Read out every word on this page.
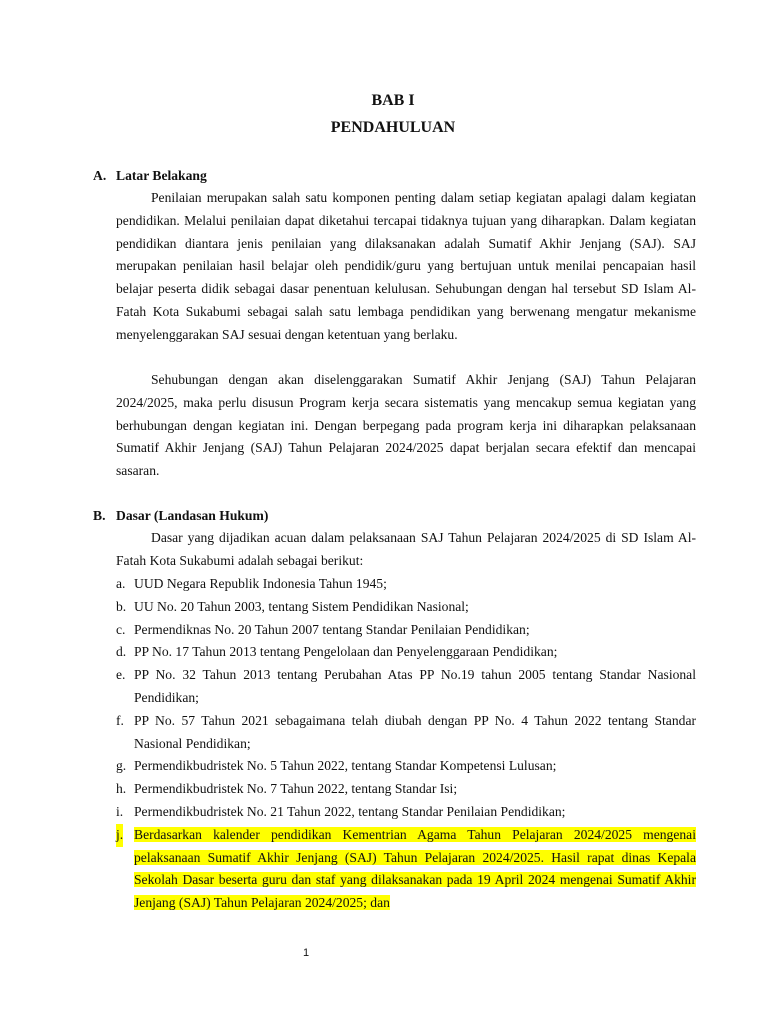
BAB I
PENDAHULUAN
A. Latar Belakang

Penilaian merupakan salah satu komponen penting dalam setiap kegiatan apalagi dalam kegiatan pendidikan. Melalui penilaian dapat diketahui tercapai tidaknya tujuan yang diharapkan. Dalam kegiatan pendidikan diantara jenis penilaian yang dilaksanakan adalah Sumatif Akhir Jenjang (SAJ). SAJ merupakan penilaian hasil belajar oleh pendidik/guru yang bertujuan untuk menilai pencapaian hasil belajar peserta didik sebagai dasar penentuan kelulusan. Sehubungan dengan hal tersebut SD Islam Al-Fatah Kota Sukabumi sebagai salah satu lembaga pendidikan yang berwenang mengatur mekanisme menyelenggarakan SAJ sesuai dengan ketentuan yang berlaku.

Sehubungan dengan akan diselenggarakan Sumatif Akhir Jenjang (SAJ) Tahun Pelajaran 2024/2025, maka perlu disusun Program kerja secara sistematis yang mencakup semua kegiatan yang berhubungan dengan kegiatan ini. Dengan berpegang pada program kerja ini diharapkan pelaksanaan Sumatif Akhir Jenjang (SAJ) Tahun Pelajaran 2024/2025 dapat berjalan secara efektif dan mencapai sasaran.

B. Dasar (Landasan Hukum)

Dasar yang dijadikan acuan dalam pelaksanaan SAJ Tahun Pelajaran 2024/2025 di SD Islam Al-Fatah Kota Sukabumi adalah sebagai berikut:

a. UUD Negara Republik Indonesia Tahun 1945;
b. UU No. 20 Tahun 2003, tentang Sistem Pendidikan Nasional;
c. Permendiknas No. 20 Tahun 2007 tentang Standar Penilaian Pendidikan;
d. PP No. 17 Tahun 2013 tentang Pengelolaan dan Penyelenggaraan Pendidikan;
e. PP No. 32 Tahun 2013 tentang Perubahan Atas PP No.19 tahun 2005 tentang Standar Nasional Pendidikan;
f. PP No. 57 Tahun 2021 sebagaimana telah diubah dengan PP No. 4 Tahun 2022 tentang Standar Nasional Pendidikan;
g. Permendikbudristek No. 5 Tahun 2022, tentang Standar Kompetensi Lulusan;
h. Permendikbudristek No. 7 Tahun 2022, tentang Standar Isi;
i. Permendikbudristek No. 21 Tahun 2022, tentang Standar Penilaian Pendidikan;
j. Berdasarkan kalender pendidikan Kementrian Agama Tahun Pelajaran 2024/2025 mengenai pelaksanaan Sumatif Akhir Jenjang (SAJ) Tahun Pelajaran 2024/2025. Hasil rapat dinas Kepala Sekolah Dasar beserta guru dan staf yang dilaksanakan pada 19 April 2024 mengenai Sumatif Akhir Jenjang (SAJ) Tahun Pelajaran 2024/2025; dan
1
